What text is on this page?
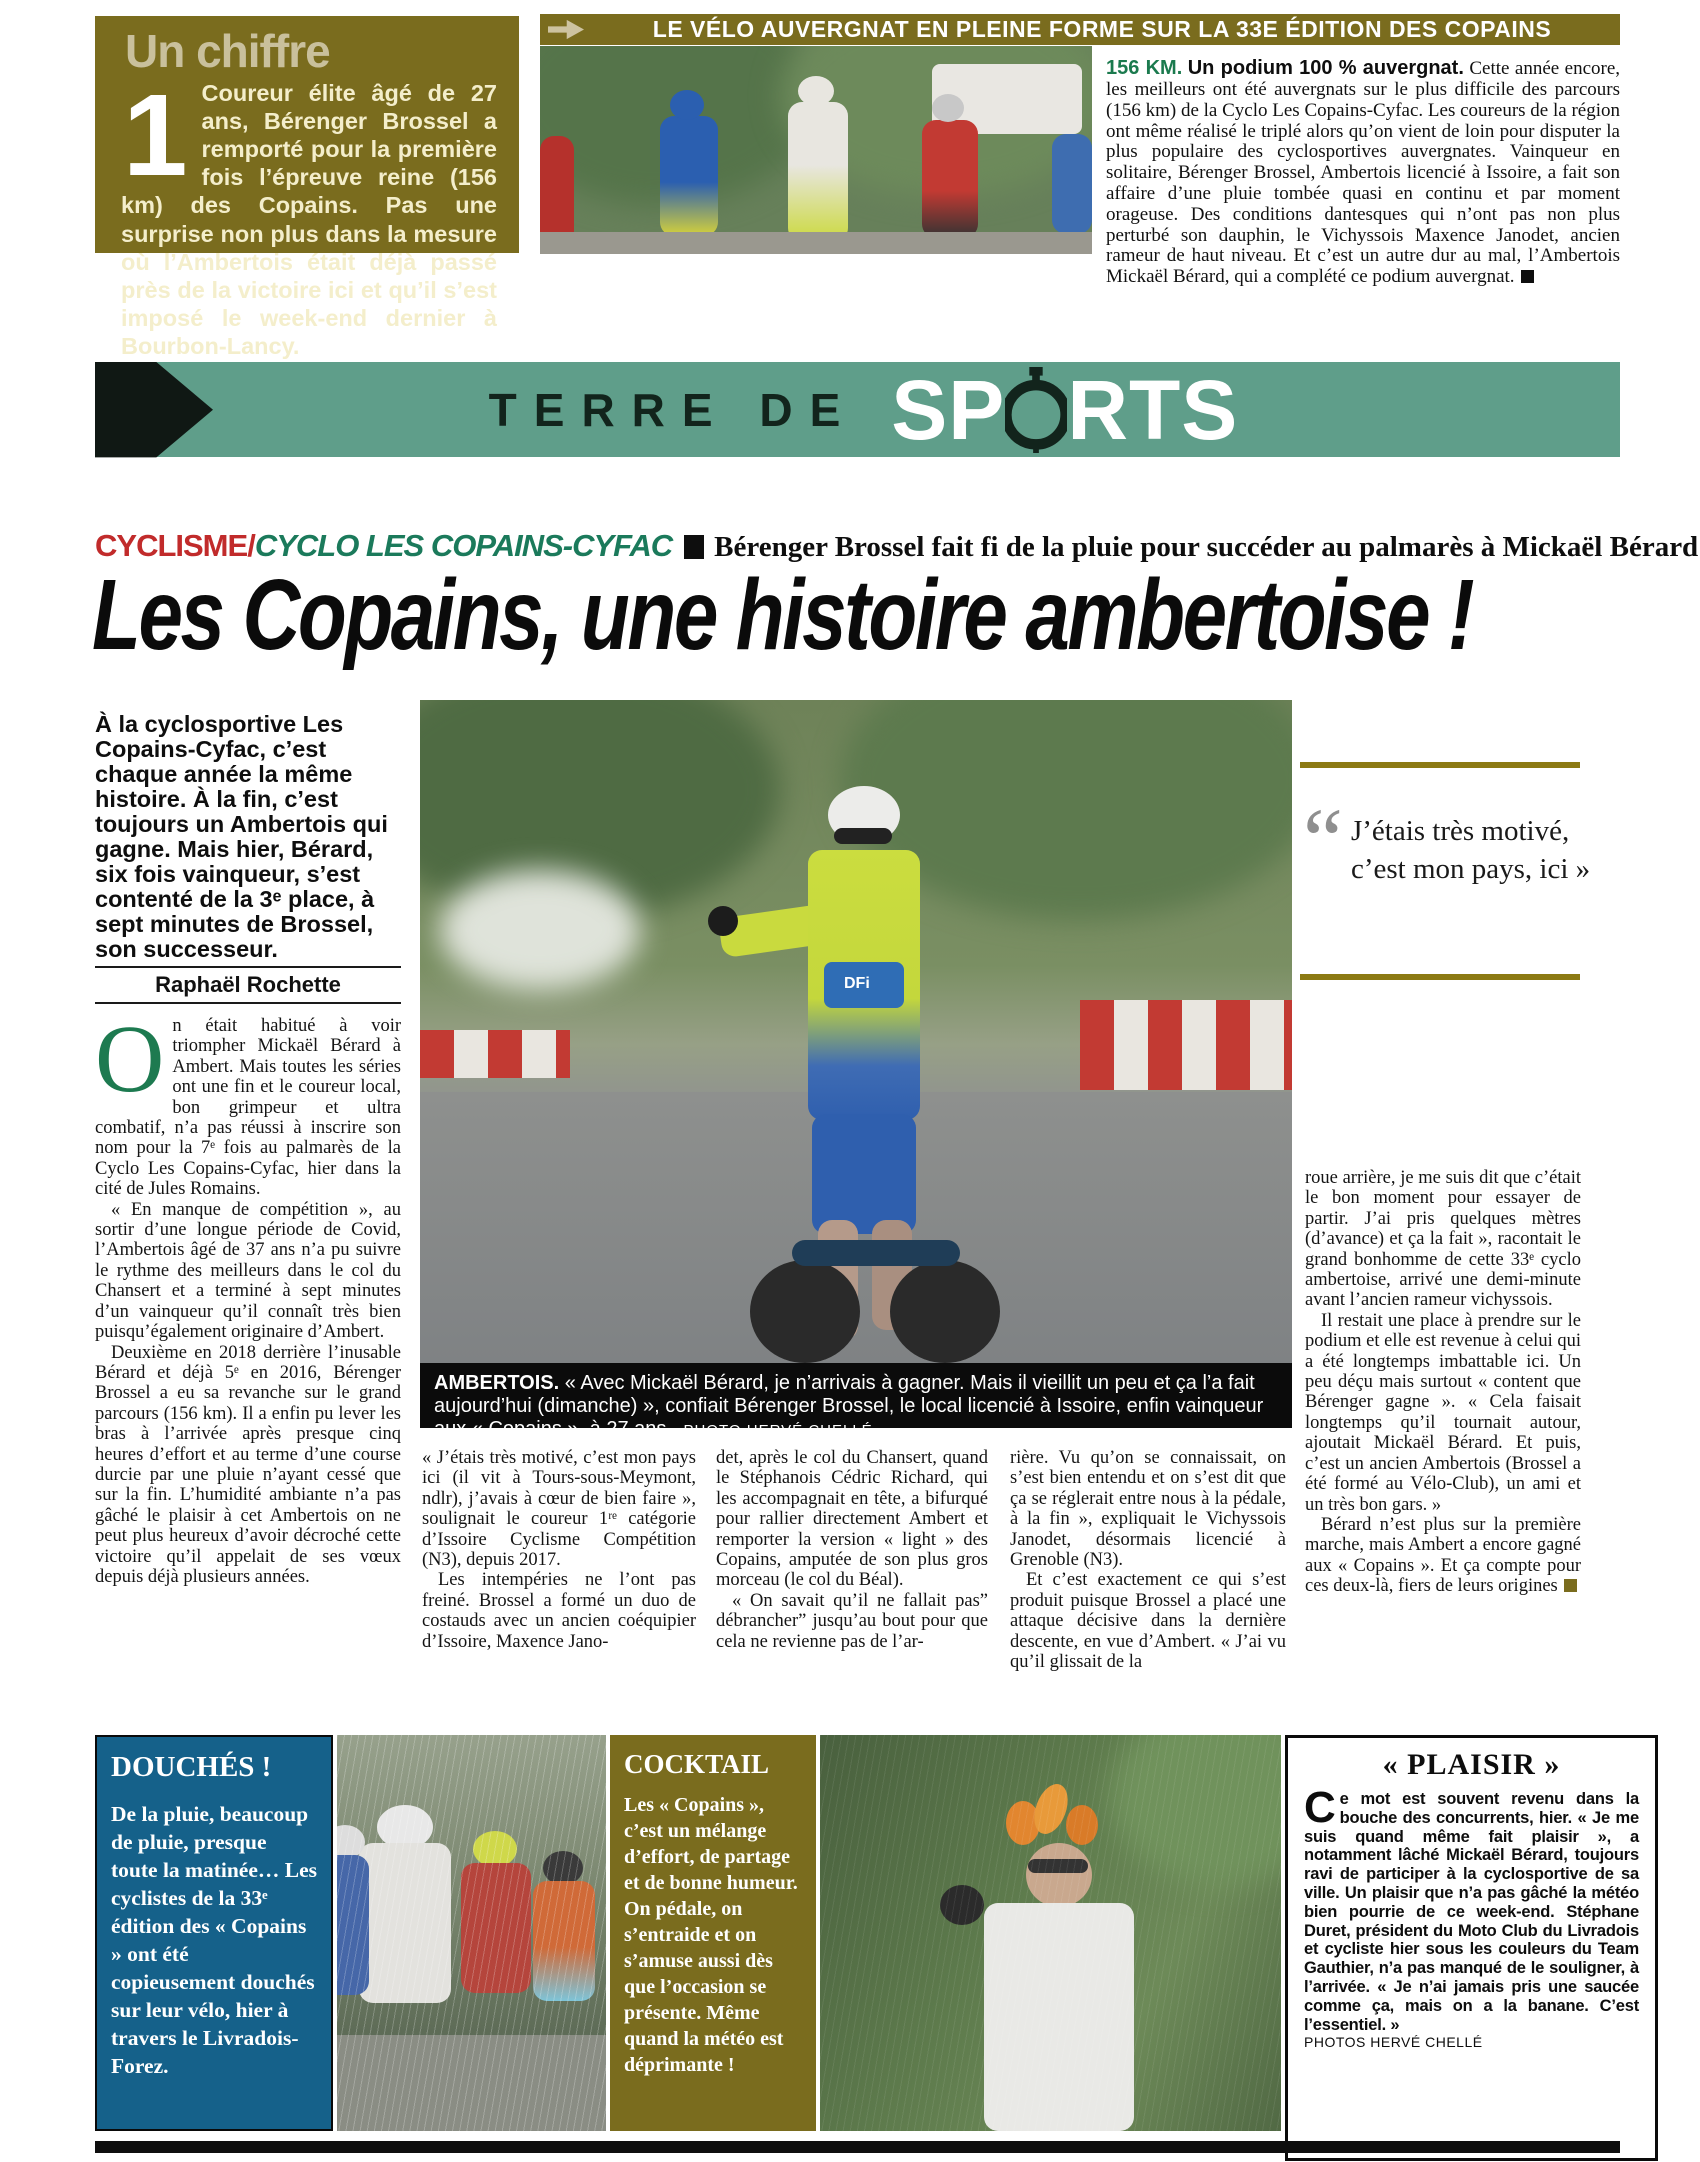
Un chiffre
1 Coureur élite âgé de 27 ans, Bérenger Brossel a remporté pour la première fois l’épreuve reine (156 km) des Copains. Pas une surprise non plus dans la mesure où l’Ambertois était déjà passé près de la victoire ici et qu’il s’est imposé le week-end dernier à Bourbon-Lancy.
LE VÉLO AUVERGNAT EN PLEINE FORME SUR LA 33E ÉDITION DES COPAINS
156 KM. Un podium 100 % auvergnat. Cette année encore, les meilleurs ont été auvergnats sur le plus difficile des parcours (156 km) de la Cyclo Les Copains-Cyfac. Les coureurs de la région ont même réalisé le triplé alors qu’on vient de loin pour disputer la plus populaire des cyclosportives auvergnates. Vainqueur en solitaire, Bérenger Brossel, Ambertois licencié à Issoire, a fait son affaire d’une pluie tombée quasi en continu et par moment orageuse. Des conditions dantesques qui n’ont pas non plus perturbé son dauphin, le Vichyssois Maxence Janodet, ancien rameur de haut niveau. Et c’est un autre dur au mal, l’Ambertois Mickaël Bérard, qui a complété ce podium auvergnat.
TERRE DE SP RTS
CYCLISME/CYCLO LES COPAINS-CYFAC Bérenger Brossel fait fi de la pluie pour succéder au palmarès à Mickaël Bérard
Les Copains, une histoire ambertoise !
À la cyclosportive Les Copains-Cyfac, c’est chaque année la même histoire. À la fin, c’est toujours un Ambertois qui gagne. Mais hier, Bérard, six fois vainqueur, s’est contenté de la 3ᵉ place, à sept minutes de Brossel, son successeur.
Raphaël Rochette

On était habitué à voir triompher Mickaël Bérard à Ambert. Mais toutes les séries ont une fin et le coureur local, bon grimpeur et ultra combatif, n’a pas réussi à inscrire son nom pour la 7ᵉ fois au palmarès de la Cyclo Les Copains-Cyfac, hier dans la cité de Jules Romains.

« En manque de compétition », au sortir d’une longue période de Covid, l’Ambertois âgé de 37 ans n’a pu suivre le rythme des meilleurs dans le col du Chansert et a terminé à sept minutes d’un vainqueur qu’il connaît très bien puisqu’également originaire d’Ambert.

Deuxième en 2018 derrière l’inusable Bérard et déjà 5ᵉ en 2016, Bérenger Brossel a eu sa revanche sur le grand parcours (156 km). Il a enfin pu lever les bras à l’arrivée après presque cinq heures d’effort et au terme d’une course durcie par une pluie n’ayant cessé que sur la fin. L’humidité ambiante n’a pas gâché le plaisir à cet Ambertois on ne peut plus heureux d’avoir décroché cette victoire qu’il appelait de ses vœux depuis déjà plusieurs années.

DFi
AMBERTOIS. « Avec Mickaël Bérard, je n’arrivais à gagner. Mais il vieillit un peu et ça l’a fait aujourd’hui (dimanche) », confiait Bérenger Brossel, le local licencié à Issoire, enfin vainqueur aux « Copains », à 27 ans. PHOTO HERVÉ CHELLÉ
“ J’étais très motivé, c’est mon pays, ici »

« J’étais très motivé, c’est mon pays ici (il vit à Tours-sous-Meymont, ndlr), j’avais à cœur de bien faire », soulignait le coureur 1ʳᵉ catégorie d’Issoire Cyclisme Compétition (N3), depuis 2017.

Les intempéries ne l’ont pas freiné. Brossel a formé un duo de costauds avec un ancien coéquipier d’Issoire, Maxence Jano-

det, après le col du Chansert, quand le Stéphanois Cédric Richard, qui les accompagnait en tête, a bifurqué pour rallier directement Ambert et remporter la version « light » des Copains, amputée de son plus gros morceau (le col du Béal).

« On savait qu’il ne fallait pas” débrancher” jusqu’au bout pour que cela ne revienne pas de l’ar-

rière. Vu qu’on se connaissait, on s’est bien entendu et on s’est dit que ça se réglerait entre nous à la pédale, à la fin », expliquait le Vichyssois Janodet, désormais licencié à Grenoble (N3).

Et c’est exactement ce qui s’est produit puisque Brossel a placé une attaque décisive dans la dernière descente, en vue d’Ambert. « J’ai vu qu’il glissait de la

roue arrière, je me suis dit que c’était le bon moment pour essayer de partir. J’ai pris quelques mètres (d’avance) et ça la fait », racontait le grand bonhomme de cette 33ᵉ cyclo ambertoise, arrivé une demi-minute avant l’ancien rameur vichyssois.

Il restait une place à prendre sur le podium et elle est revenue à celui qui a été longtemps imbattable ici. Un peu déçu mais surtout « content que Bérenger gagne ». « Cela faisait longtemps qu’il tournait autour, ajoutait Mickaël Bérard. Et puis, c’est un ancien Ambertois (Brossel a été formé au Vélo-Club), un ami et un très bon gars. »

Bérard n’est plus sur la première marche, mais Ambert a encore gagné aux « Copains ». Et ça compte pour ces deux-là, fiers de leurs origines

DOUCHÉS !
De la pluie, beaucoup de pluie, presque toute la matinée… Les cyclistes de la 33ᵉ édition des « Copains » ont été copieusement douchés sur leur vélo, hier à travers le Livradois-Forez.
COCKTAIL
Les « Copains », c’est un mélange d’effort, de partage et de bonne humeur. On pédale, on s’entraide et on s’amuse aussi dès que l’occasion se présente. Même quand la météo est déprimante !
« PLAISIR »
Ce mot est souvent revenu dans la bouche des concurrents, hier. « Je me suis quand même fait plaisir », a notamment lâché Mickaël Bérard, toujours ravi de participer à la cyclosportive de sa ville. Un plaisir que n’a pas gâché la météo bien pourrie de ce week-end. Stéphane Duret, président du Moto Club du Livradois et cycliste hier sous les couleurs du Team Gauthier, n’a pas manqué de le souligner, à l’arrivée. « Je n’ai jamais pris une saucée comme ça, mais on a la banane. C’est l’essentiel. »
PHOTOS HERVÉ CHELLÉ
